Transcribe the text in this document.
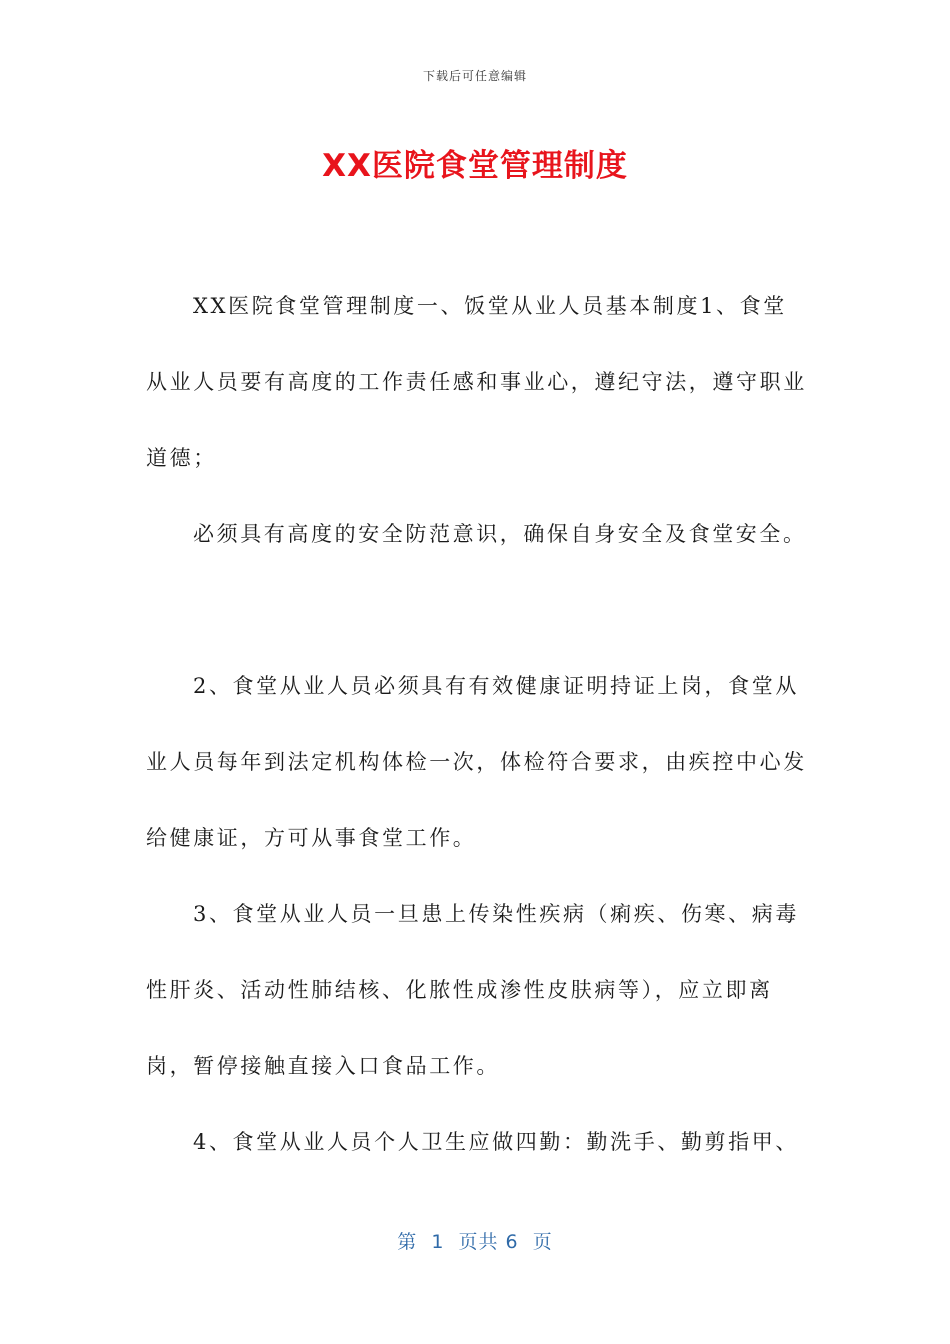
下载后可任意编辑
XX医院食堂管理制度

XX医院食堂管理制度一、饭堂从业人员基本制度1、食堂从业人员要有高度的工作责任感和事业心，遵纪守法，遵守职业道德；

必须具有高度的安全防范意识，确保自身安全及食堂安全。

2、食堂从业人员必须具有有效健康证明持证上岗，食堂从业人员每年到法定机构体检一次，体检符合要求，由疾控中心发给健康证，方可从事食堂工作。

3、食堂从业人员一旦患上传染性疾病（痢疾、伤寒、病毒性肝炎、活动性肺结核、化脓性成渗性皮肤病等），应立即离岗，暂停接触直接入口食品工作。

4、食堂从业人员个人卫生应做四勤：勤洗手、勤剪指甲、

第  1  页共 6  页
